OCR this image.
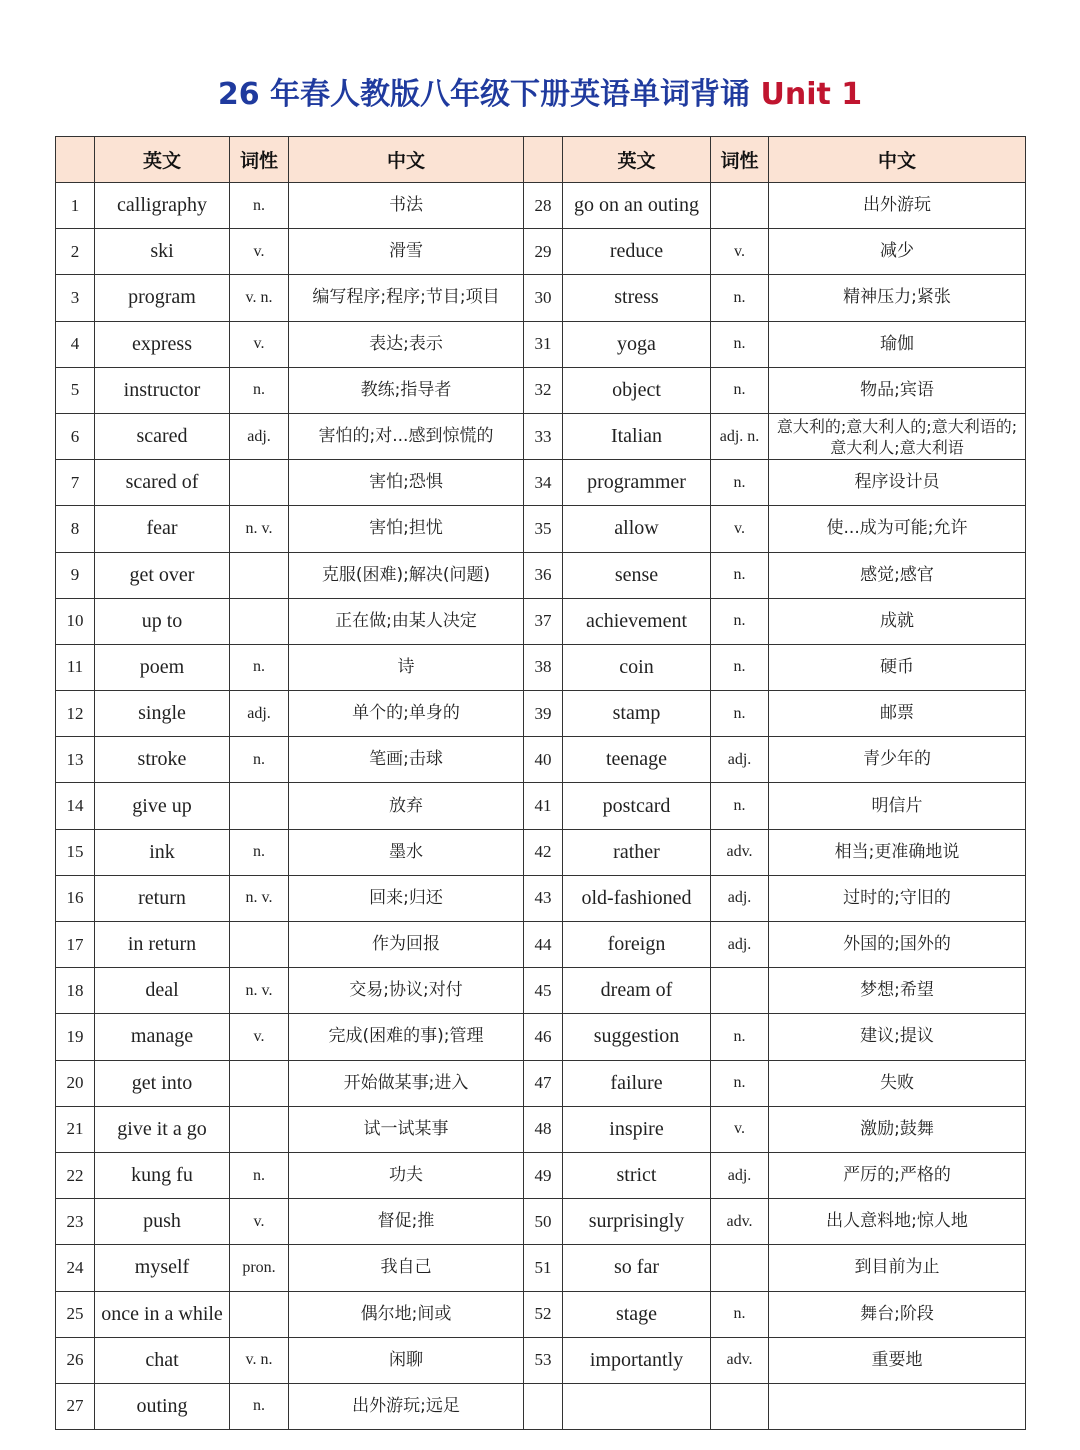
26 年春人教版八年级下册英语单词背诵 Unit 1
	英文	词性	中文		英文	词性	中文
1	calligraphy	n.	书法	28	go on an outing		出外游玩

2	ski	v.	滑雪	29	reduce	v.	减少

3	program	v. n.	编写程序;程序;节目;项目	30	stress	n.	精神压力;紧张

4	express	v.	表达;表示	31	yoga	n.	瑜伽

5	instructor	n.	教练;指导者	32	object	n.	物品;宾语

6	scared	adj.	害怕的;对...感到惊慌的	33	Italian	adj. n.	意大利的;意大利人的;意大利语的;意大利人;意大利语

7	scared of		害怕;恐惧	34	programmer	n.	程序设计员

8	fear	n. v.	害怕;担忧	35	allow	v.	使...成为可能;允许

9	get over		克服(困难);解决(问题)	36	sense	n.	感觉;感官

10	up to		正在做;由某人决定	37	achievement	n.	成就

11	poem	n.	诗	38	coin	n.	硬币

12	single	adj.	单个的;单身的	39	stamp	n.	邮票

13	stroke	n.	笔画;击球	40	teenage	adj.	青少年的

14	give up		放弃	41	postcard	n.	明信片

15	ink	n.	墨水	42	rather	adv.	相当;更准确地说

16	return	n. v.	回来;归还	43	old-fashioned	adj.	过时的;守旧的

17	in return		作为回报	44	foreign	adj.	外国的;国外的

18	deal	n. v.	交易;协议;对付	45	dream of		梦想;希望

19	manage	v.	完成(困难的事);管理	46	suggestion	n.	建议;提议

20	get into		开始做某事;进入	47	failure	n.	失败

21	give it a go		试一试某事	48	inspire	v.	激励;鼓舞

22	kung fu	n.	功夫	49	strict	adj.	严厉的;严格的

23	push	v.	督促;推	50	surprisingly	adv.	出人意料地;惊人地

24	myself	pron.	我自己	51	so far		到目前为止

25	once in a while		偶尔地;间或	52	stage	n.	舞台;阶段

26	chat	v. n.	闲聊	53	importantly	adv.	重要地

27	outing	n.	出外游玩;远足				
